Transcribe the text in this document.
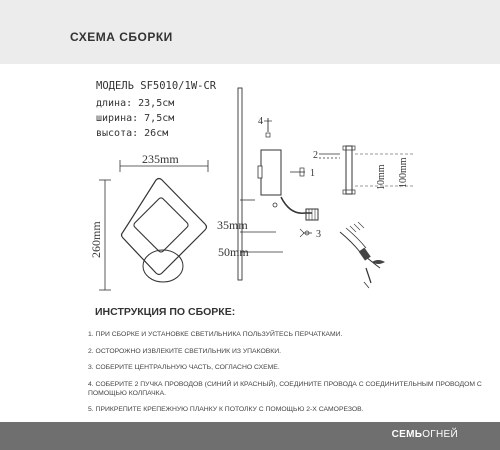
СХЕМА СБОРКИ
МОДЕЛЬ SF5010/1W-CR
длина: 23,5см
ширина: 7,5см
высота: 26см
235mm
260mm	35mm
50mm
4
2
10mm 100mm
1
3
ИНСТРУКЦИЯ ПО СБОРКЕ:
1. ПРИ СБОРКЕ И УСТАНОВКЕ СВЕТИЛЬНИКА ПОЛЬЗУЙТЕСЬ ПЕРЧАТКАМИ.
2. ОСТОРОЖНО ИЗВЛЕКИТЕ СВЕТИЛЬНИК ИЗ УПАКОВКИ.
3. СОБЕРИТЕ ЦЕНТРАЛЬНУЮ ЧАСТЬ, СОГЛАСНО СХЕМЕ.
4. СОБЕРИТЕ 2 ПУЧКА ПРОВОДОВ (СИНИЙ И КРАСНЫЙ), СОЕДИНИТЕ ПРОВОДА С СОЕДИНИТЕЛЬНЫМ ПРОВОДОМ С ПОМОЩЬЮ КОЛПАЧКА.
5. ПРИКРЕПИТЕ КРЕПЕЖНУЮ ПЛАНКУ К ПОТОЛКУ С ПОМОЩЬЮ 2-Х САМОРЕЗОВ.
СЕМЬОГНЕЙ
